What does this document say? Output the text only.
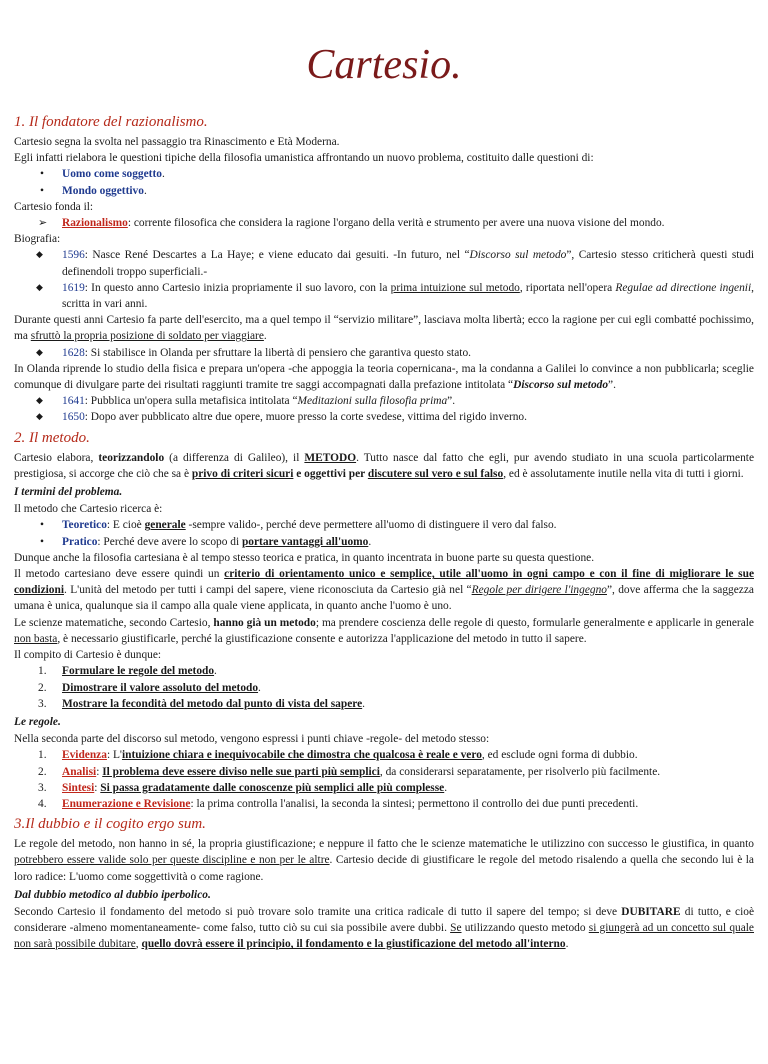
Cartesio.
1. Il fondatore del razionalismo.

Cartesio segna la svolta nel passaggio tra Rinascimento e Età Moderna.

Egli infatti rielabora le questioni tipiche della filosofia umanistica affrontando un nuovo problema, costituito dalle questioni di:

• Uomo come soggetto.
• Mondo oggettivo.

Cartesio fonda il:

➢ Razionalismo: corrente filosofica che considera la ragione l'organo della verità e strumento per avere una nuova visione del mondo.

Biografia:

◆ 1596: Nasce René Descartes a La Haye; e viene educato dai gesuiti. -In futuro, nel “Discorso sul metodo”, Cartesio stesso criticherà questi studi definendoli troppo superficiali.-
◆ 1619: In questo anno Cartesio inizia propriamente il suo lavoro, con la prima intuizione sul metodo, riportata nell'opera Regulae ad directione ingenii, scritta in vari anni.

Durante questi anni Cartesio fa parte dell'esercito, ma a quel tempo il “servizio militare”, lasciava molta libertà; ecco la ragione per cui egli combatté pochissimo, ma sfruttò la propria posizione di soldato per viaggiare.

◆ 1628: Si stabilisce in Olanda per sfruttare la libertà di pensiero che garantiva questo stato.

In Olanda riprende lo studio della fisica e prepara un'opera -che appoggia la teoria copernicana-, ma la condanna a Galilei lo convince a non pubblicarla; sceglie comunque di divulgare parte dei risultati raggiunti tramite tre saggi accompagnati dalla prefazione intitolata “Discorso sul metodo”.

◆ 1641: Pubblica un'opera sulla metafisica intitolata “Meditazioni sulla filosofia prima”.
◆ 1650: Dopo aver pubblicato altre due opere, muore presso la corte svedese, vittima del rigido inverno.
2. Il metodo.

Cartesio elabora, teorizzandolo (a differenza di Galileo), il METODO. Tutto nasce dal fatto che egli, pur avendo studiato in una scuola particolarmente prestigiosa, si accorge che ciò che sa è privo di criteri sicuri e oggettivi per discutere sul vero e sul falso, ed è assolutamente inutile nella vita di tutti i giorni.

I termini del problema.

Il metodo che Cartesio ricerca è:

• Teoretico: E cioè generale -sempre valido-, perché deve permettere all'uomo di distinguere il vero dal falso.
• Pratico: Perché deve avere lo scopo di portare vantaggi all'uomo.

Dunque anche la filosofia cartesiana è al tempo stesso teorica e pratica, in quanto incentrata in buone parte su questa questione.

Il metodo cartesiano deve essere quindi un criterio di orientamento unico e semplice, utile all'uomo in ogni campo e con il fine di migliorare le sue condizioni. L'unità del metodo per tutti i campi del sapere, viene riconosciuta da Cartesio già nel “Regole per dirigere l'ingegno”, dove afferma che la saggezza umana è unica, qualunque sia il campo alla quale viene applicata, in quanto anche l'uomo è uno.

Le scienze matematiche, secondo Cartesio, hanno già un metodo; ma prendere coscienza delle regole di questo, formularle generalmente e applicarle in generale non basta, è necessario giustificarle, perché la giustificazione consente e autorizza l'applicazione del metodo in tutto il sapere.

Il compito di Cartesio è dunque:

1. Formulare le regole del metodo.
2. Dimostrare il valore assoluto del metodo.
3. Mostrare la fecondità del metodo dal punto di vista del sapere.
Le regole.

Nella seconda parte del discorso sul metodo, vengono espressi i punti chiave -regole- del metodo stesso:

1. Evidenza: L'intuizione chiara e inequivocabile che dimostra che qualcosa è reale e vero, ed esclude ogni forma di dubbio.
2. Analisi: Il problema deve essere diviso nelle sue parti più semplici, da considerarsi separatamente, per risolverlo più facilmente.
3. Sintesi: Si passa gradatamente dalle conoscenze più semplici alle più complesse.
4. Enumerazione e Revisione: la prima controlla l'analisi, la seconda la sintesi; permettono il controllo dei due punti precedenti.
3.Il dubbio e il cogito ergo sum.

Le regole del metodo, non hanno in sé, la propria giustificazione; e neppure il fatto che le scienze matematiche le utilizzino con successo le giustifica, in quanto potrebbero essere valide solo per queste discipline e non per le altre. Cartesio decide di giustificare le regole del metodo risalendo a quella che secondo lui è la loro radice: L'uomo come soggettività o come ragione.

Dal dubbio metodico al dubbio iperbolico.

Secondo Cartesio il fondamento del metodo si può trovare solo tramite una critica radicale di tutto il sapere del tempo; si deve DUBITARE di tutto, e cioè considerare -almeno momentaneamente- come falso, tutto ciò su cui sia possibile avere dubbi. Se utilizzando questo metodo si giungerà ad un concetto sul quale non sarà possibile dubitare, quello dovrà essere il principio, il fondamento e la giustificazione del metodo all'interno.
